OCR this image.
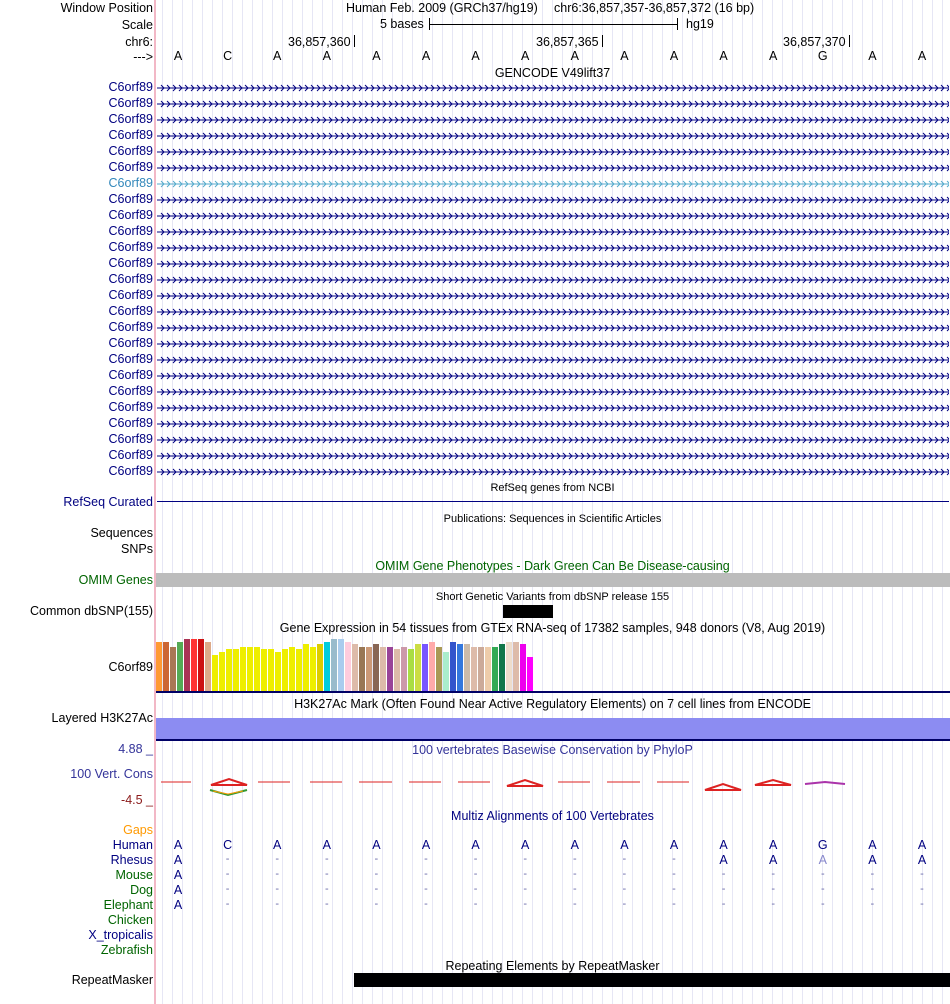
Window Position	Human Feb. 2009 (GRCh37/hg19) chr6:36,857,357-36,857,372 (16 bp)
Scale	5 bases	hg19
chr6:	36,857,360	36,857,365	36,857,370
--->	A	C	A	A	A	A	A	A	A	A	A	A	A	G	A	A
GENCODE V49lift37
C6orf89
C6orf89
C6orf89
C6orf89
C6orf89
C6orf89
C6orf89
C6orf89
C6orf89
C6orf89
C6orf89
C6orf89
C6orf89
C6orf89
C6orf89
C6orf89
C6orf89
C6orf89
C6orf89
C6orf89
C6orf89
C6orf89
C6orf89
C6orf89
C6orf89
RefSeq Curated
RefSeq genes from NCBI
Publications: Sequences in Scientific Articles
Sequences
SNPs
OMIM Gene Phenotypes - Dark Green Can Be Disease-causing
OMIM Genes
Short Genetic Variants from dbSNP release 155
Common dbSNP(155)
Gene Expression in 54 tissues from GTEx RNA-seq of 17382 samples, 948 donors (V8, Aug 2019)
C6orf89
H3K27Ac Mark (Often Found Near Active Regulatory Elements) on 7 cell lines from ENCODE
Layered H3K27Ac
100 vertebrates Basewise Conservation by PhyloP
4.88 _
100 Vert. Cons
-4.5 _
Multiz Alignments of 100 Vertebrates
Gaps
Human	A	C	A	A	A	A	A	A	A	A	A	A	A	G	A	A
Rhesus	A	-	-	-	-	-	-	-	-	-	-	A	A	A	A	A
Mouse	A	-	-	-	-	-	-	-	-	-	-	-	-	-	-	-
Dog	A	-	-	-	-	-	-	-	-	-	-	-	-	-	-	-
Elephant	A	-	-	-	-	-	-	-	-	-	-	-	-	-	-	-
Chicken
X_tropicalis
Zebrafish
Repeating Elements by RepeatMasker
RepeatMasker
